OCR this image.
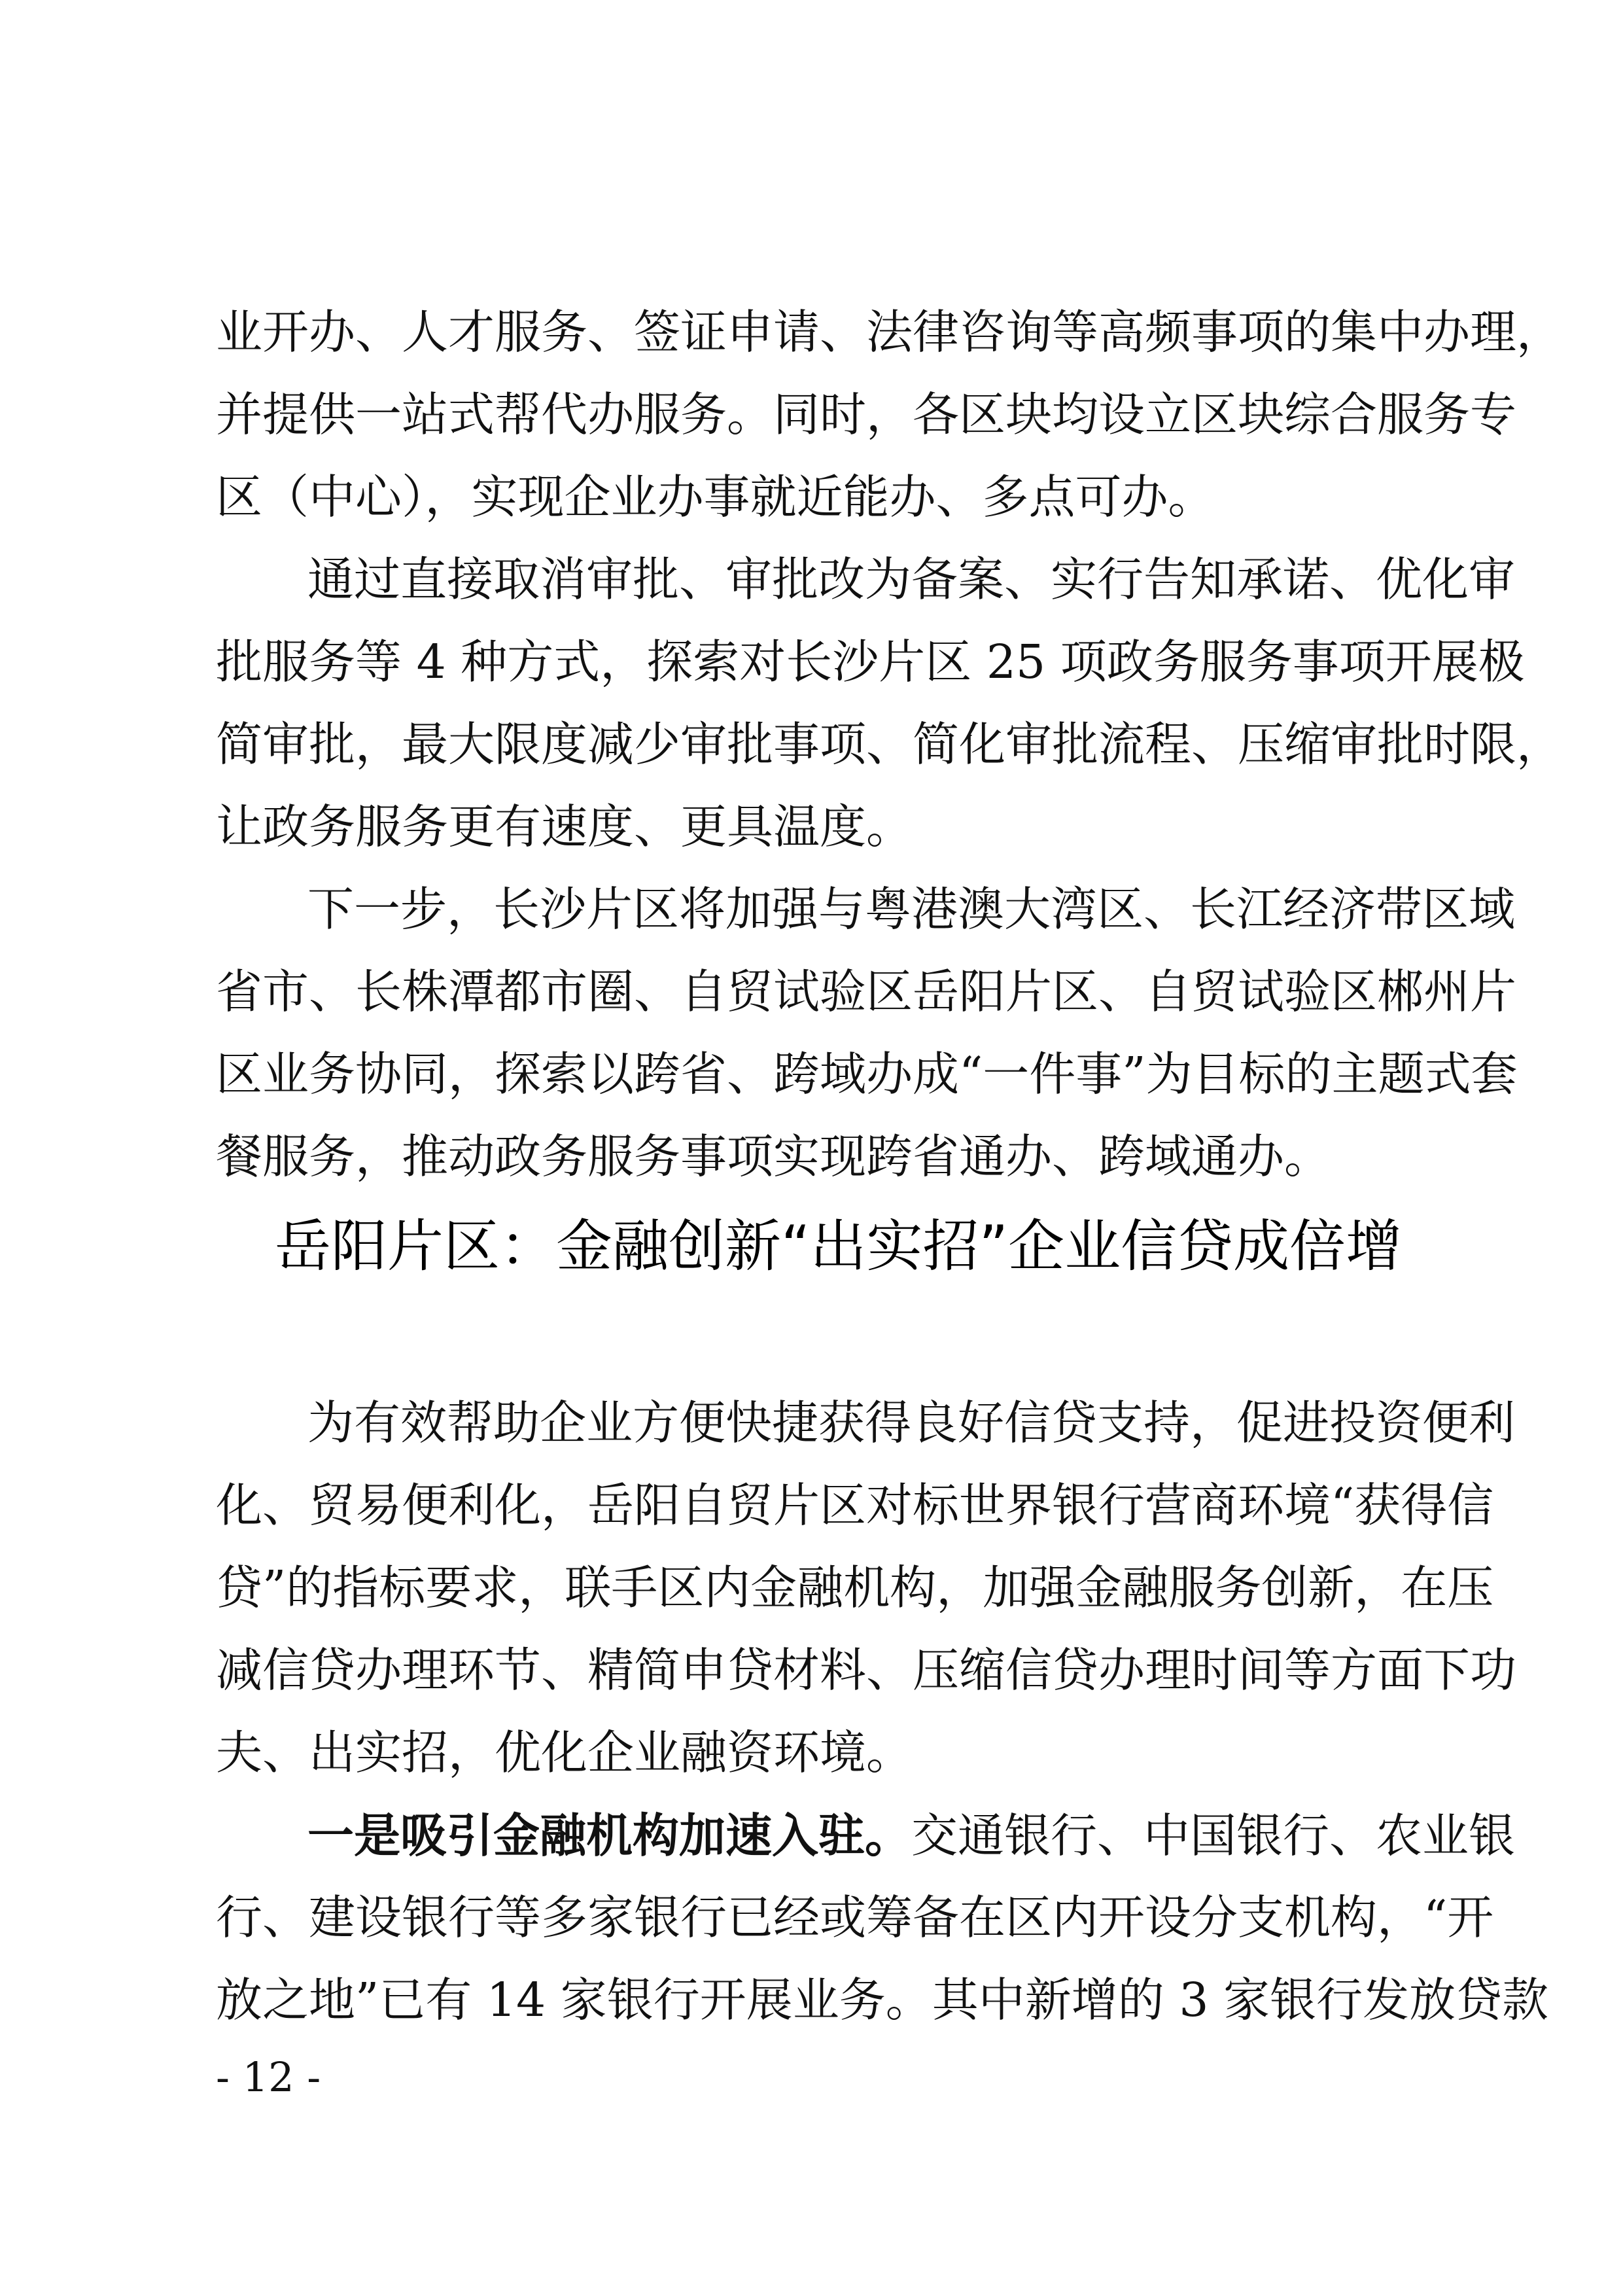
业开办、人才服务、签证申请、法律咨询等高频事项的集中办理，
并提供一站式帮代办服务。同时，各区块均设立区块综合服务专
区（中心），实现企业办事就近能办、多点可办。
通过直接取消审批、审批改为备案、实行告知承诺、优化审
批服务等 4 种方式，探索对长沙片区 25 项政务服务事项开展极
简审批，最大限度减少审批事项、简化审批流程、压缩审批时限，
让政务服务更有速度、更具温度。
下一步，长沙片区将加强与粤港澳大湾区、长江经济带区域
省市、长株潭都市圈、自贸试验区岳阳片区、自贸试验区郴州片
区业务协同，探索以跨省、跨域办成“一件事”为目标的主题式套
餐服务，推动政务服务事项实现跨省通办、跨域通办。
岳阳片区：金融创新“出实招”企业信贷成倍增
为有效帮助企业方便快捷获得良好信贷支持，促进投资便利
化、贸易便利化，岳阳自贸片区对标世界银行营商环境“获得信
贷”的指标要求，联手区内金融机构，加强金融服务创新，在压
减信贷办理环节、精简申贷材料、压缩信贷办理时间等方面下功
夫、出实招，优化企业融资环境。
一是吸引金融机构加速入驻。交通银行、中国银行、农业银
行、建设银行等多家银行已经或筹备在区内开设分支机构，“开
放之地”已有 14 家银行开展业务。其中新增的 3 家银行发放贷款
- 12 -
